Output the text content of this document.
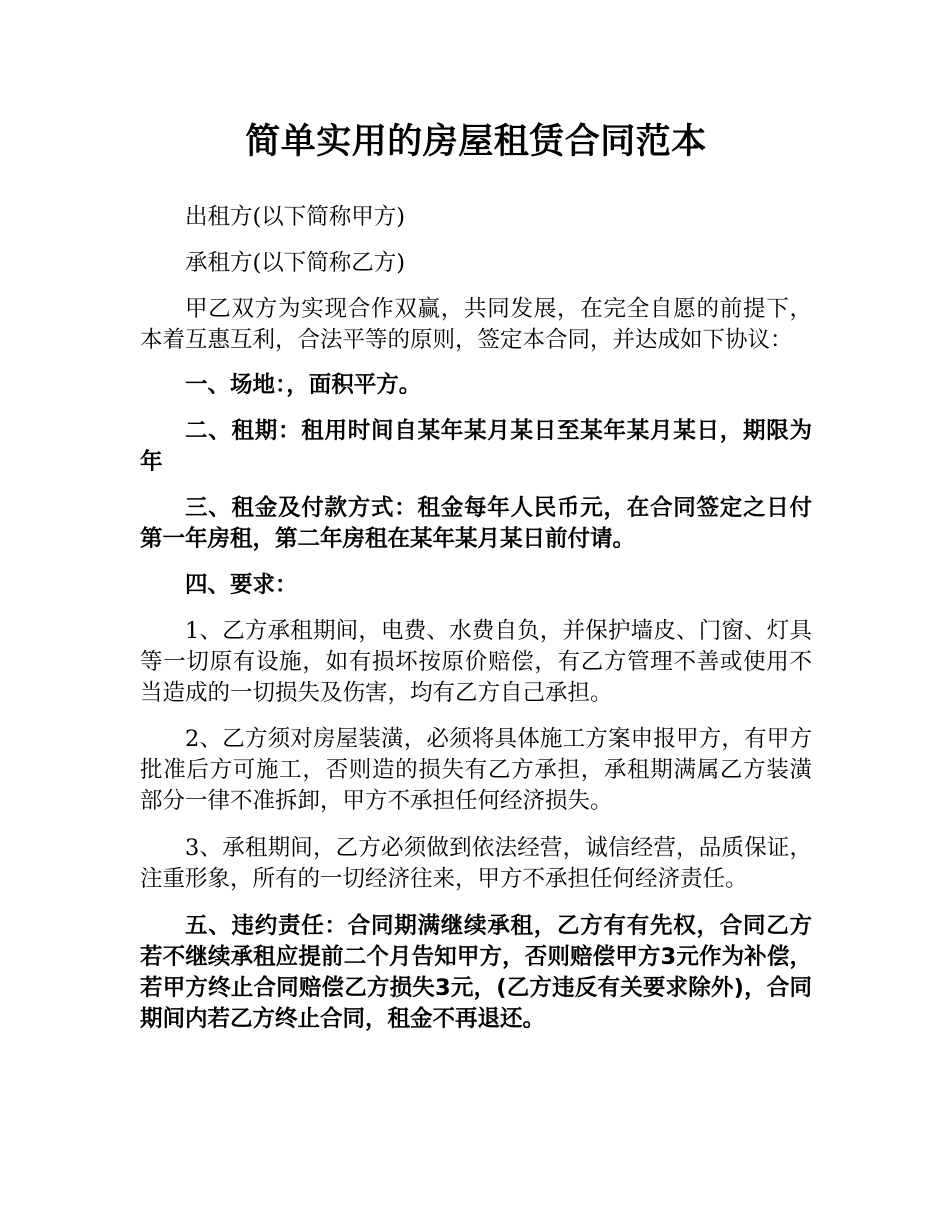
简单实用的房屋租赁合同范本

出租方(以下简称甲方)

承租方(以下简称乙方)

甲乙双方为实现合作双赢，共同发展，在完全自愿的前提下，本着互惠互利，合法平等的原则，签定本合同，并达成如下协议：

一、场地：，面积平方。

二、租期：租用时间自某年某月某日至某年某月某日，期限为年

三、租金及付款方式：租金每年人民币元，在合同签定之日付第一年房租，第二年房租在某年某月某日前付请。

四、要求：

1、乙方承租期间，电费、水费自负，并保护墙皮、门窗、灯具等一切原有设施，如有损坏按原价赔偿，有乙方管理不善或使用不当造成的一切损失及伤害，均有乙方自己承担。

2、乙方须对房屋装潢，必须将具体施工方案申报甲方，有甲方批准后方可施工，否则造的损失有乙方承担，承租期满属乙方装潢部分一律不准拆卸，甲方不承担任何经济损失。

3、承租期间，乙方必须做到依法经营，诚信经营，品质保证，注重形象，所有的一切经济往来，甲方不承担任何经济责任。

五、违约责任：合同期满继续承租，乙方有有先权，合同乙方若不继续承租应提前二个月告知甲方，否则赔偿甲方3元作为补偿，若甲方终止合同赔偿乙方损失3元，(乙方违反有关要求除外)，合同期间内若乙方终止合同，租金不再退还。
